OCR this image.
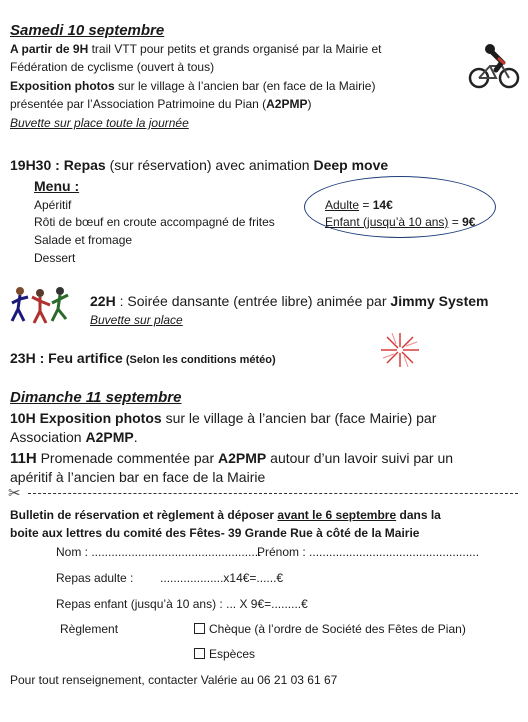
Samedi 10 septembre
A partir de 9H trail VTT pour petits et grands organisé par la Mairie et
Fédération de cyclisme (ouvert à tous)
Exposition photos sur le village à l’ancien bar (en face de la Mairie)
présentée par l’Association Patrimoine du Pian (A2PMP)
Buvette sur place toute la journée
19H30 : Repas (sur réservation) avec animation Deep move
Menu :
Apéritif
Rôti de bœuf en croute accompagné de frites
Salade et fromage
Dessert
Adulte = 14€
Enfant (jusqu’à 10 ans) = 9€
22H : Soirée dansante (entrée libre) animée par Jimmy System
Buvette sur place
23H : Feu artifice (Selon les conditions météo)
Dimanche 11 septembre
10H Exposition photos sur le village à l’ancien bar (face Mairie) par
Association A2PMP.
11H Promenade commentée par A2PMP autour d’un lavoir suivi par un
apéritif à l’ancien bar en face de la Mairie
✂
Bulletin de réservation et règlement à déposer avant le 6 septembre dans la
boite aux lettres du comité des Fêtes- 39 Grande Rue à côté de la Mairie
Nom : ...................................................
Prénom : ...................................................
Repas adulte :        ...................x14€=......€
Repas enfant (jusqu’à 10 ans) : ... X 9€=.........€
Règlement	Chèque (à l’ordre de Société des Fêtes de Pian)
Espèces
Pour tout renseignement, contacter Valérie au 06 21 03 61 67
